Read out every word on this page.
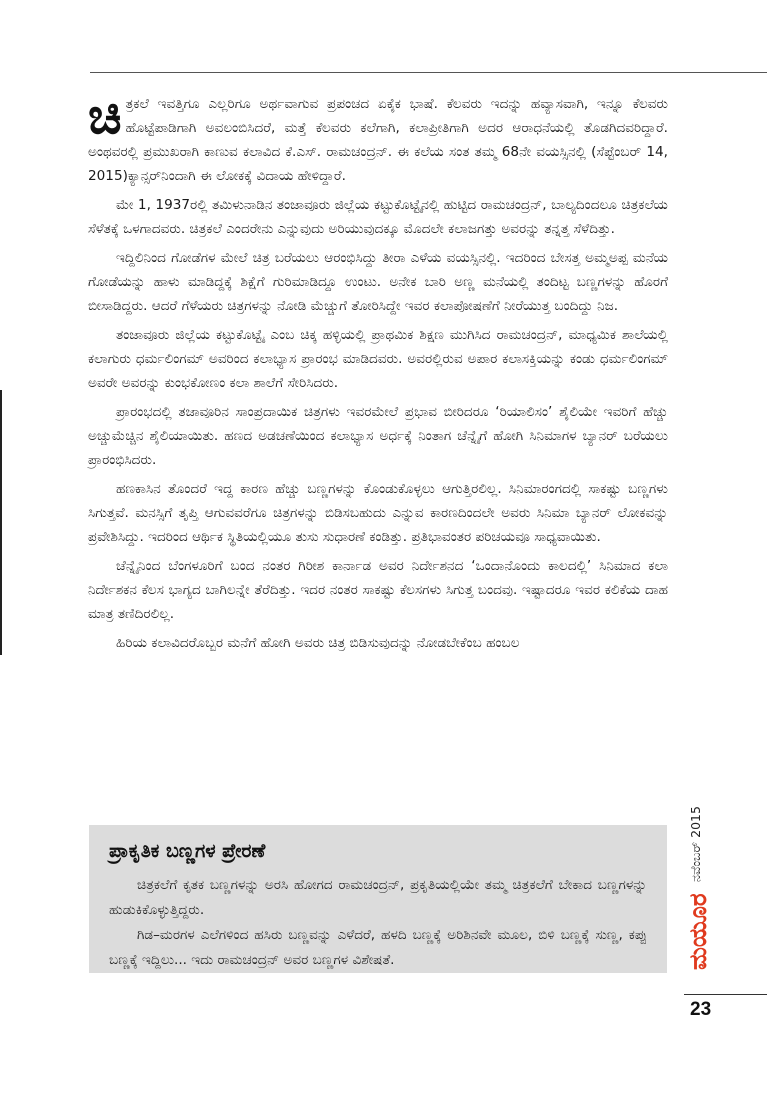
ಚಿತ್ರಕಲೆ ಇವತ್ತಿಗೂ ಎಲ್ಲರಿಗೂ ಅರ್ಥವಾಗುವ ಪ್ರಪಂಚದ ಏಕೈಕ ಭಾಷೆ. ಕೆಲವರು ಇದನ್ನು ಹವ್ಯಾಸವಾಗಿ, ಇನ್ನೂ ಕೆಲವರು ಹೊಟ್ಟೆಪಾಡಿಗಾಗಿ ಅವಲಂಬಿಸಿದರೆ, ಮತ್ತೆ ಕೆಲವರು ಕಲೆಗಾಗಿ, ಕಲಾಪ್ರೀತಿಗಾಗಿ ಅದರ ಆರಾಧನೆಯಲ್ಲಿ ತೊಡಗಿದವರಿದ್ದಾರೆ. ಅಂಥವರಲ್ಲಿ ಪ್ರಮುಖರಾಗಿ ಕಾಣುವ ಕಲಾವಿದ ಕೆ.ಎಸ್. ರಾಮಚಂದ್ರನ್. ಈ ಕಲೆಯ ಸಂತ ತಮ್ಮ 68ನೇ ವಯಸ್ಸಿನಲ್ಲಿ (ಸೆಪ್ಟೆಂಬರ್ 14, 2015)ಕ್ಯಾನ್ಸರ್‌ನಿಂದಾಗಿ ಈ ಲೋಕಕ್ಕೆ ವಿದಾಯ ಹೇಳಿದ್ದಾರೆ.

ಮೇ 1, 1937ರಲ್ಲಿ ತಮಿಳುನಾಡಿನ ತಂಜಾವೂರು ಜಿಲ್ಲೆಯ ಕಟ್ಟುಕೊಟ್ಟೈನಲ್ಲಿ ಹುಟ್ಟಿದ ರಾಮಚಂದ್ರನ್, ಬಾಲ್ಯದಿಂದಲೂ ಚಿತ್ರಕಲೆಯ ಸೆಳೆತಕ್ಕೆ ಒಳಗಾದವರು. ಚಿತ್ರಕಲೆ ಎಂದರೇನು ಎನ್ನುವುದು ಅರಿಯುವುದಕ್ಕೂ ಮೊದಲೇ ಕಲಾಜಗತ್ತು ಅವರನ್ನು ತನ್ನತ್ತ ಸೆಳೆದಿತ್ತು.

ಇದ್ದಿಲಿನಿಂದ ಗೋಡೆಗಳ ಮೇಲೆ ಚಿತ್ರ ಬರೆಯಲು ಆರಂಭಿಸಿದ್ದು ತೀರಾ ಎಳೆಯ ವಯಸ್ಸಿನಲ್ಲಿ. ಇದರಿಂದ ಬೇಸತ್ತ ಅಮ್ಮಅಪ್ಪ ಮನೆಯ ಗೋಡೆಯನ್ನು ಹಾಳು ಮಾಡಿದ್ದಕ್ಕೆ ಶಿಕ್ಷೆಗೆ ಗುರಿಮಾಡಿದ್ದೂ ಉಂಟು. ಅನೇಕ ಬಾರಿ ಅಣ್ಣ ಮನೆಯಲ್ಲಿ ತಂದಿಟ್ಟ ಬಣ್ಣಗಳನ್ನು ಹೊರಗೆ ಬೀಸಾಡಿದ್ದರು. ಆದರೆ ಗೆಳೆಯರು ಚಿತ್ರಗಳನ್ನು ನೋಡಿ ಮೆಚ್ಚುಗೆ ತೋರಿಸಿದ್ದೇ ಇವರ ಕಲಾಪೋಷಣೆಗೆ ನೀರೆಯುತ್ತ ಬಂದಿದ್ದು ನಿಜ.

ತಂಜಾವೂರು ಜಿಲ್ಲೆಯ ಕಟ್ಟುಕೊಟ್ಟೈ ಎಂಬ ಚಿಕ್ಕ ಹಳ್ಳಿಯಲ್ಲಿ ಪ್ರಾಥಮಿಕ ಶಿಕ್ಷಣ ಮುಗಿಸಿದ ರಾಮಚಂದ್ರನ್, ಮಾಧ್ಯಮಿಕ ಶಾಲೆಯಲ್ಲಿ ಕಲಾಗುರು ಧರ್ಮಲಿಂಗಮ್ ಅವರಿಂದ ಕಲಾಭ್ಯಾಸ ಪ್ರಾರಂಭ ಮಾಡಿದವರು. ಅವರಲ್ಲಿರುವ ಅಪಾರ ಕಲಾಸಕ್ತಿಯನ್ನು ಕಂಡು ಧರ್ಮಲಿಂಗಮ್ ಅವರೇ ಅವರನ್ನು ಕುಂಭಕೋಣಂ ಕಲಾ ಶಾಲೆಗೆ ಸೇರಿಸಿದರು.

ಪ್ರಾರಂಭದಲ್ಲಿ ತಜಾವೂರಿನ ಸಾಂಪ್ರದಾಯಿಕ ಚಿತ್ರಗಳು ಇವರಮೇಲೆ ಪ್ರಭಾವ ಬೀರಿದರೂ ‘ರಿಯಾಲಿಸಂ’ ಶೈಲಿಯೇ ಇವರಿಗೆ ಹೆಚ್ಚು ಅಚ್ಚುಮೆಚ್ಚಿನ ಶೈಲಿಯಾಯಿತು. ಹಣದ ಅಡಚಣೆಯಿಂದ ಕಲಾಭ್ಯಾಸ ಅರ್ಧಕ್ಕೆ ನಿಂತಾಗ ಚೆನ್ನೈಗೆ ಹೋಗಿ ಸಿನಿಮಾಗಳ ಬ್ಯಾನರ್ ಬರೆಯಲು ಪ್ರಾರಂಭಿಸಿದರು.

ಹಣಕಾಸಿನ ತೊಂದರೆ ಇದ್ದ ಕಾರಣ ಹೆಚ್ಚು ಬಣ್ಣಗಳನ್ನು ಕೊಂಡುಕೊಳ್ಳಲು ಆಗುತ್ತಿರಲಿಲ್ಲ. ಸಿನಿಮಾರಂಗದಲ್ಲಿ ಸಾಕಷ್ಟು ಬಣ್ಣಗಳು ಸಿಗುತ್ತವೆ. ಮನಸ್ಸಿಗೆ ತೃಪ್ತಿ ಆಗುವವರೆಗೂ ಚಿತ್ರಗಳನ್ನು ಬಿಡಿಸಬಹುದು ಎನ್ನುವ ಕಾರಣದಿಂದಲೇ ಅವರು ಸಿನಿಮಾ ಬ್ಯಾನರ್ ಲೋಕವನ್ನು ಪ್ರವೇಶಿಸಿದ್ದು. ಇದರಿಂದ ಆರ್ಥಿಕ ಸ್ಥಿತಿಯಲ್ಲಿಯೂ ತುಸು ಸುಧಾರಣೆ ಕಂಡಿತ್ತು. ಪ್ರತಿಭಾವಂತರ ಪರಿಚಯವೂ ಸಾಧ್ಯವಾಯಿತು.

ಚೆನ್ನೈನಿಂದ ಬೆಂಗಳೂರಿಗೆ ಬಂದ ನಂತರ ಗಿರೀಶ ಕಾರ್ನಾಡ ಅವರ ನಿರ್ದೇಶನದ ‘ಒಂದಾನೊಂದು ಕಾಲದಲ್ಲಿ’ ಸಿನಿಮಾದ ಕಲಾ ನಿರ್ದೇಶಕನ ಕೆಲಸ ಭಾಗ್ಯದ ಬಾಗಿಲನ್ನೇ ತೆರೆದಿತ್ತು. ಇದರ ನಂತರ ಸಾಕಷ್ಟು ಕೆಲಸಗಳು ಸಿಗುತ್ತ ಬಂದವು. ಇಷ್ಟಾದರೂ ಇವರ ಕಲಿಕೆಯ ದಾಹ ಮಾತ್ರ ತಣಿದಿರಲಿಲ್ಲ.

ಹಿರಿಯ ಕಲಾವಿದರೊಬ್ಬರ ಮನೆಗೆ ಹೋಗಿ ಅವರು ಚಿತ್ರ ಬಿಡಿಸುವುದನ್ನು ನೋಡಬೇಕೆಂಬ ಹಂಬಲ

ಪ್ರಾಕೃತಿಕ ಬಣ್ಣಗಳ ಪ್ರೇರಣೆ

ಚಿತ್ರಕಲೆಗೆ ಕೃತಕ ಬಣ್ಣಗಳನ್ನು ಅರಸಿ ಹೋಗದ ರಾಮಚಂದ್ರನ್, ಪ್ರಕೃತಿಯಲ್ಲಿಯೇ ತಮ್ಮ ಚಿತ್ರಕಲೆಗೆ ಬೇಕಾದ ಬಣ್ಣಗಳನ್ನು ಹುಡುಕಿಕೊಳ್ಳುತ್ತಿದ್ದರು.

ಗಿಡ–ಮರಗಳ ಎಲೆಗಳಿಂದ ಹಸಿರು ಬಣ್ಣವನ್ನು ಎಳೆದರೆ, ಹಳದಿ ಬಣ್ಣಕ್ಕೆ ಅರಿಶಿನವೇ ಮೂಲ, ಬಿಳಿ ಬಣ್ಣಕ್ಕೆ ಸುಣ್ಣ, ಕಪ್ಪು ಬಣ್ಣಕ್ಕೆ ಇದ್ದಿಲು... ಇದು ರಾಮಚಂದ್ರನ್ ಅವರ ಬಣ್ಣಗಳ ವಿಶೇಷತೆ.

ನವೆಂಬರ್ 2015
ಮಯೂರ
23
